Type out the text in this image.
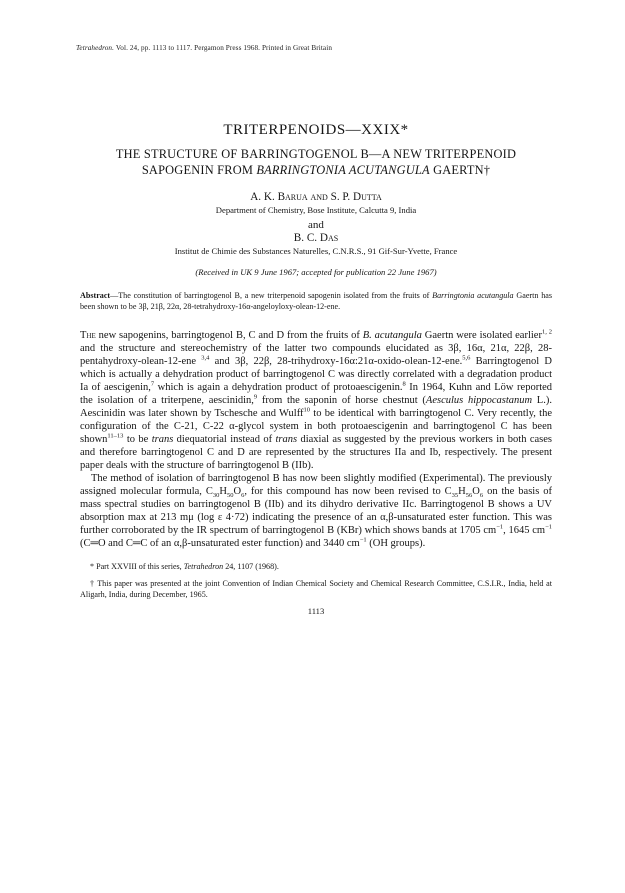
Tetrahedron. Vol. 24, pp. 1113 to 1117. Pergamon Press 1968. Printed in Great Britain
TRITERPENOIDS—XXIX*
THE STRUCTURE OF BARRINGTOGENOL B—A NEW TRITERPENOID
SAPOGENIN FROM BARRINGTONIA ACUTANGULA GAERTN†
A. K. Barua and S. P. Dutta
Department of Chemistry, Bose Institute, Calcutta 9, India
and
B. C. Das
Institut de Chimie des Substances Naturelles, C.N.R.S., 91 Gif-Sur-Yvette, France
(Received in UK 9 June 1967; accepted for publication 22 June 1967)
Abstract—The constitution of barringtogenol B, a new triterpenoid sapogenin isolated from the fruits of Barringtonia acutangula Gaertn has been shown to be 3β, 21β, 22α, 28-tetrahydroxy-16α-angeloyloxy-olean-12-ene.

The new sapogenins, barringtogenol B, C and D from the fruits of B. acutangula Gaertn were isolated earlier$^{1, 2}$ and the structure and stereochemistry of the latter two compounds elucidated as 3β, 16α, 21α, 22β, 28-pentahydroxy-olean-12-ene $^{3,4}$ and 3β, 22β, 28-trihydroxy-16α:21α-oxido-olean-12-ene.$^{5,6}$ Barringtogenol D which is actually a dehydration product of barringtogenol C was directly correlated with a degradation product Ia of aescigenin,$^7$ which is again a dehydration product of protoaescigenin.$^8$ In 1964, Kuhn and Löw reported the isolation of a triterpene, aescinidin,$^9$ from the saponin of horse chestnut (Aesculus hippocastanum L.). Aescinidin was later shown by Tschesche and Wulff$^{10}$ to be identical with barringtogenol C. Very recently, the configuration of the C-21, C-22 α-glycol system in both protoaescigenin and barringtogenol C has been shown$^{11-13}$ to be trans diequatorial instead of trans diaxial as suggested by the previous workers in both cases and therefore barringtogenol C and D are represented by the structures IIa and Ib, respectively. The present paper deals with the structure of barringtogenol B (IIb).

The method of isolation of barringtogenol B has now been slightly modified (Experimental). The previously assigned molecular formula, $C_{30}H_{50}O_6$, for this compound has now been revised to $C_{35}H_{56}O_6$ on the basis of mass spectral studies on barringtogenol B (IIb) and its dihydro derivative IIc. Barringtogenol B shows a UV absorption max at 213 mμ (log ε 4·72) indicating the presence of an α,β-unsaturated ester function. This was further corroborated by the IR spectrum of barringtogenol B (KBr) which shows bands at 1705 $cm^{-1}$, 1645 $cm^{-1}$ (C═O and C═C of an α,β-unsaturated ester function) and 3440 $cm^{-1}$ (OH groups).

* Part XXVIII of this series, Tetrahedron 24, 1107 (1968).

† This paper was presented at the joint Convention of Indian Chemical Society and Chemical Research Committee, C.S.I.R., India, held at Aligarh, India, during December, 1965.

1113
